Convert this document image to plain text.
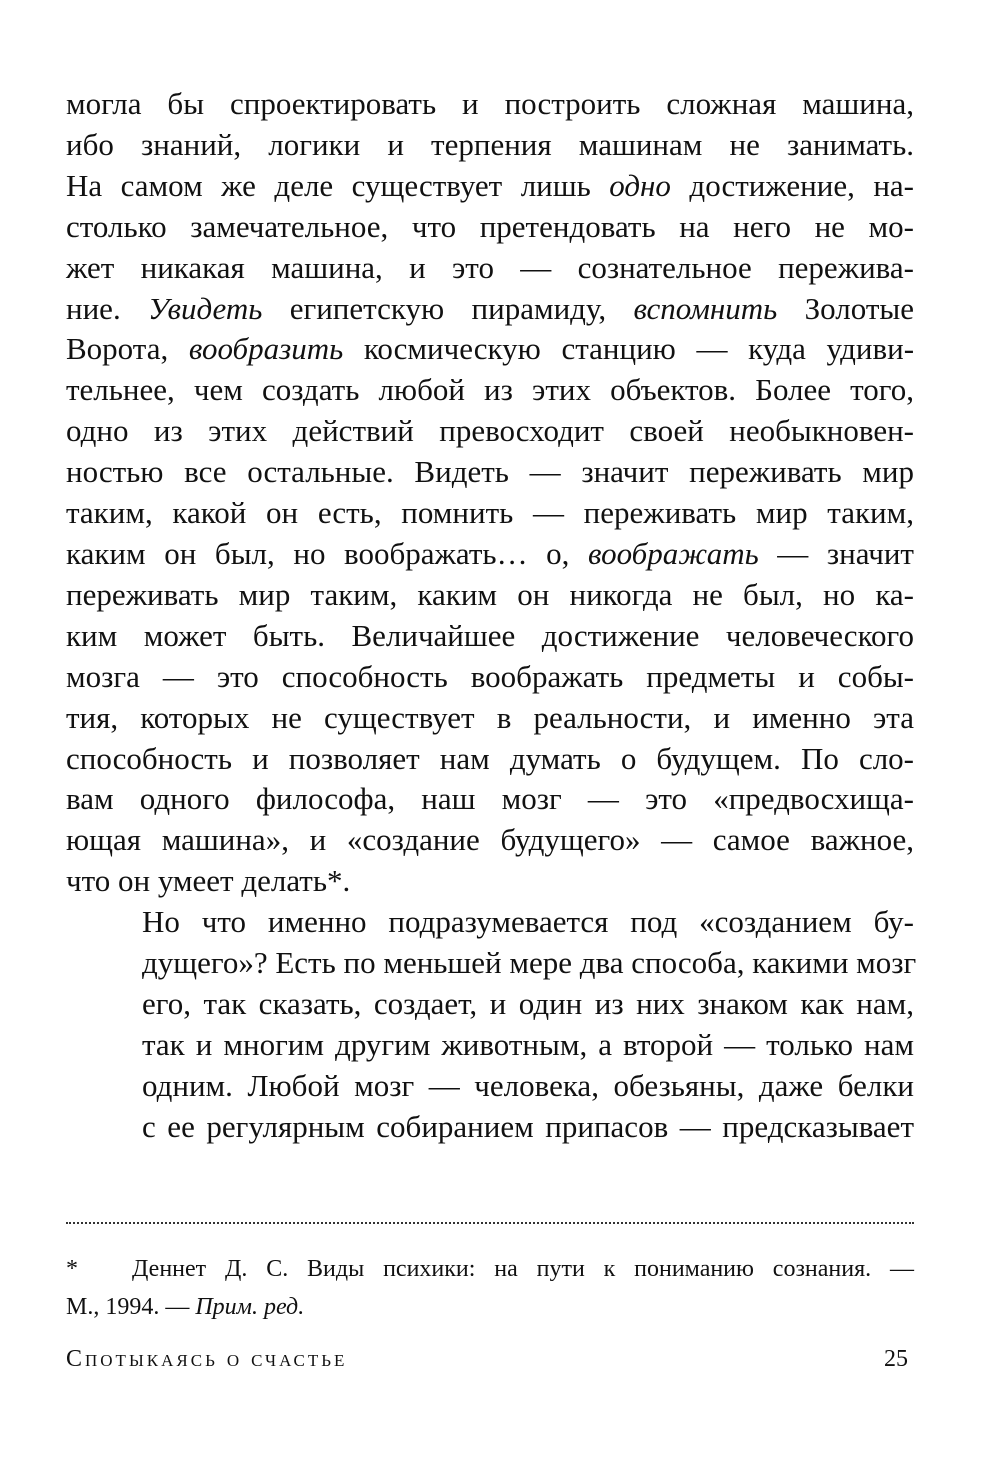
могла бы спроектировать и построить сложная машина,
ибо знаний, логики и терпения машинам не занимать.
На самом же деле существует лишь одно достижение, на-
столько замечательное, что претендовать на него не мо-
жет никакая машина, и это — сознательное пережива-
ние. Увидеть египетскую пирамиду, вспомнить Золотые
Ворота, вообразить космическую станцию — куда удиви-
тельнее, чем создать любой из этих объектов. Более того,
одно из этих действий превосходит своей необыкновен-
ностью все остальные. Видеть — значит переживать мир
таким, какой он есть, помнить — переживать мир таким,
каким он был, но воображать… о, воображать — значит
переживать мир таким, каким он никогда не был, но ка-
ким может быть. Величайшее достижение человеческого
мозга — это способность воображать предметы и собы-
тия, которых не существует в реальности, и именно эта
способность и позволяет нам думать о будущем. По сло-
вам одного философа, наш мозг — это «предвосхища-
ющая машина», и «создание будущего» — самое важное,
что он умеет делать*.

Но что именно подразумевается под «созданием бу-
дущего»? Есть по меньшей мере два способа, какими мозг
его, так сказать, создает, и один из них знаком как нам,
так и многим другим животным, а второй — только нам
одним. Любой мозг — человека, обезьяны, даже белки
с ее регулярным собиранием припасов — предсказывает

*	Деннет Д. С. Виды психики: на пути к пониманию сознания. —
М., 1994. — Прим. ред.
Спотыкаясь о счастье	25
